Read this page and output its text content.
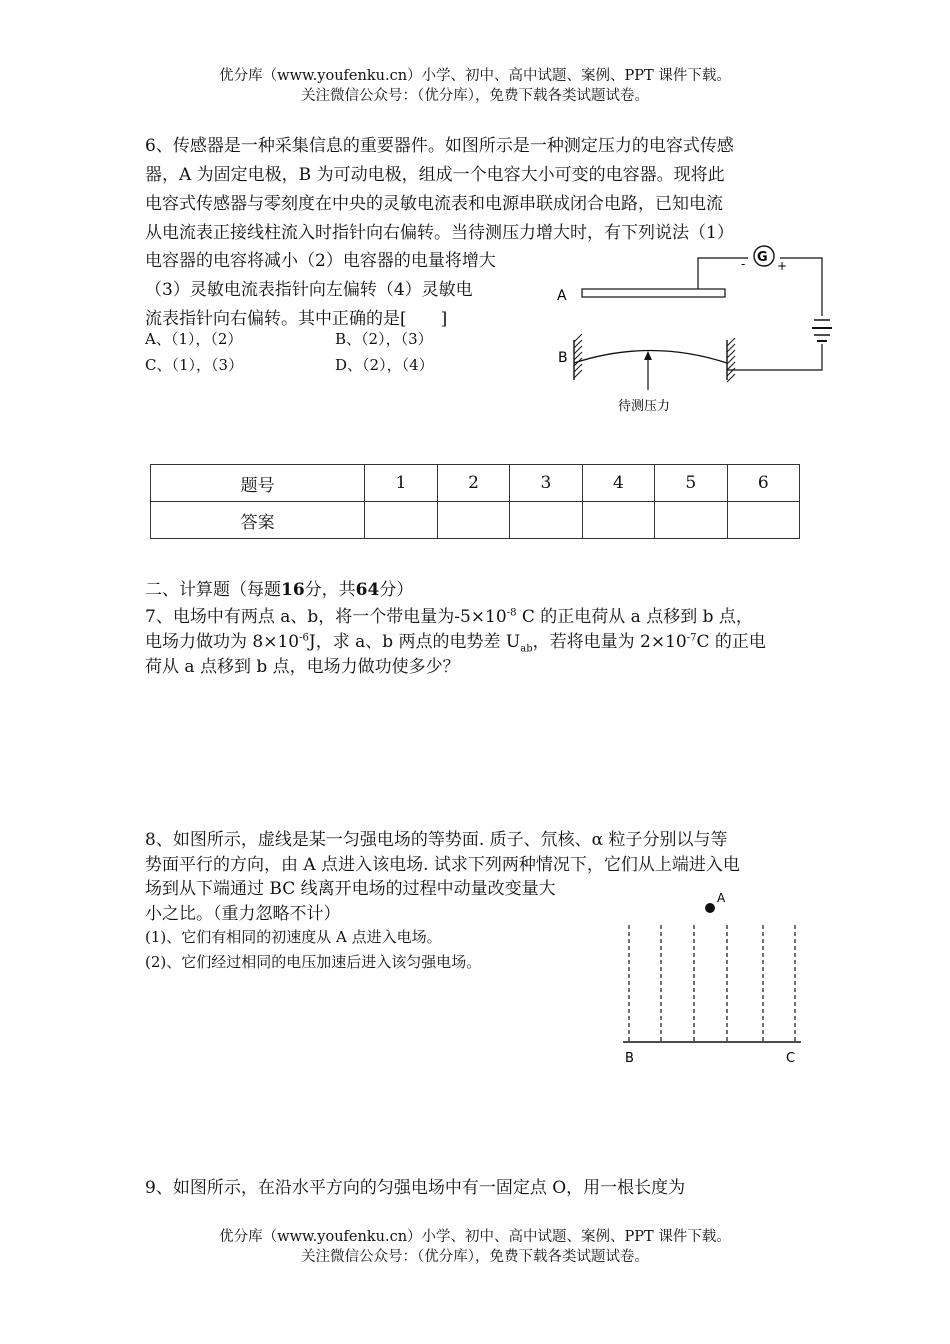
优分库（www.youfenku.cn）小学、初中、高中试题、案例、PPT 课件下载。
关注微信公众号：（优分库），免费下载各类试题试卷。
6、传感器是一种采集信息的重要器件。如图所示是一种测定压力的电容式传感
器，A 为固定电极，B 为可动电极，组成一个电容大小可变的电容器。现将此
电容式传感器与零刻度在中央的灵敏电流表和电源串联成闭合电路，已知电流
从电流表正接线柱流入时指针向右偏转。当待测压力增大时，有下列说法（1）
电容器的电容将减小（2）电容器的电量将增大
（3）灵敏电流表指针向左偏转（4）灵敏电
流表指针向右偏转。其中正确的是[　　]
A、（1），（2）	B、（2），（3）
C、（1），（3）	D、（2），（4）
A
G
-	+
B
待测压力
题号	1	2	3	4	5	6
答案						
二、计算题（每题16分，共64分）
7、电场中有两点 a、b，将一个带电量为$-5\times 10^{-8}$ C 的正电荷从 a 点移到 b 点，
电场力做功为 $8\times 10^{-6}J$，求 a、b 两点的电势差 $U_{ab}$，若将电量为 $2\times 10^{-7}C$ 的正电
荷从 a 点移到 b 点，电场力做功使多少？
8、如图所示，虚线是某一匀强电场的等势面. 质子、氘核、α 粒子分别以与等
势面平行的方向，由 A 点进入该电场. 试求下列两种情况下，它们从上端进入电
场到从下端通过 BC 线离开电场的过程中动量改变量大
小之比。（重力忽略不计）
(1)、它们有相同的初速度从 A 点进入电场。
(2)、它们经过相同的电压加速后进入该匀强电场。
A
B	C
9、如图所示，在沿水平方向的匀强电场中有一固定点 O，用一根长度为
优分库（www.youfenku.cn）小学、初中、高中试题、案例、PPT 课件下载。
关注微信公众号：（优分库），免费下载各类试题试卷。
